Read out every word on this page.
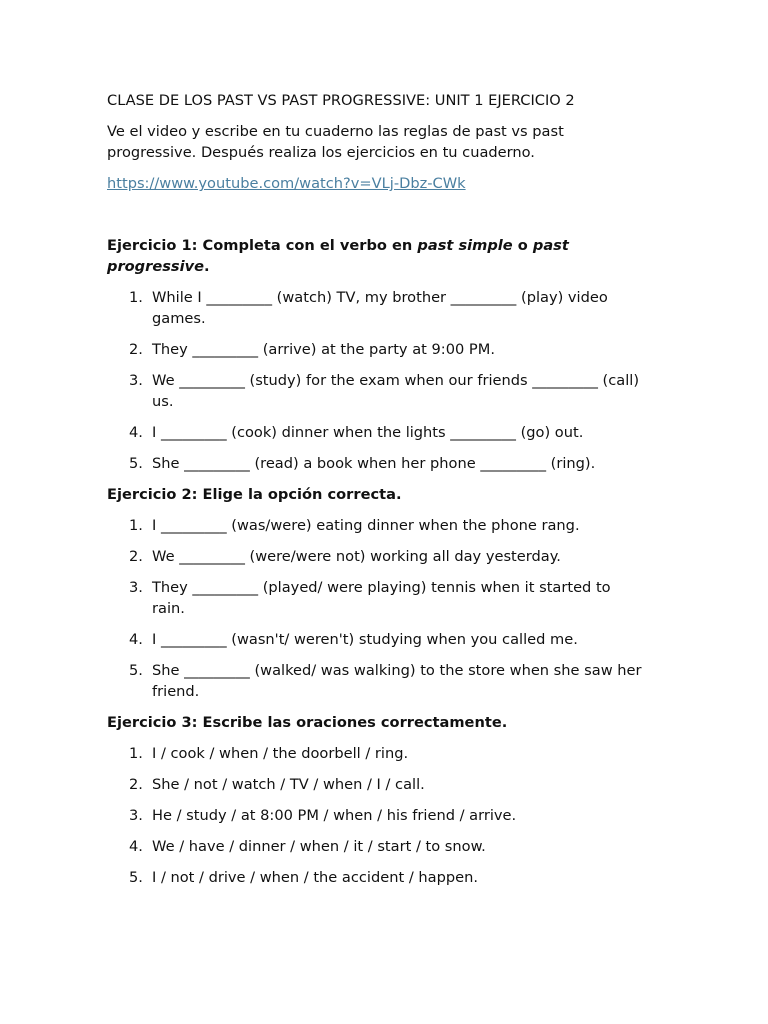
CLASE DE LOS PAST VS PAST PROGRESSIVE: UNIT 1 EJERCICIO 2

Ve el video y escribe en tu cuaderno las reglas de past vs past progressive. Después realiza los ejercicios en tu cuaderno.

https://www.youtube.com/watch?v=VLj-Dbz-CWk

Ejercicio 1: Completa con el verbo en past simple o past progressive.

1. While I _________ (watch) TV, my brother _________ (play) video games.
2. They _________ (arrive) at the party at 9:00 PM.
3. We _________ (study) for the exam when our friends _________ (call) us.
4. I _________ (cook) dinner when the lights _________ (go) out.
5. She _________ (read) a book when her phone _________ (ring).

Ejercicio 2: Elige la opción correcta.

1. I _________ (was/were) eating dinner when the phone rang.
2. We _________ (were/were not) working all day yesterday.
3. They _________ (played/ were playing) tennis when it started to rain.
4. I _________ (wasn't/ weren't) studying when you called me.
5. She _________ (walked/ was walking) to the store when she saw her friend.

Ejercicio 3: Escribe las oraciones correctamente.

1. I / cook / when / the doorbell / ring.
2. She / not / watch / TV / when / I / call.
3. He / study / at 8:00 PM / when / his friend / arrive.
4. We / have / dinner / when / it / start / to snow.
5. I / not / drive / when / the accident / happen.
